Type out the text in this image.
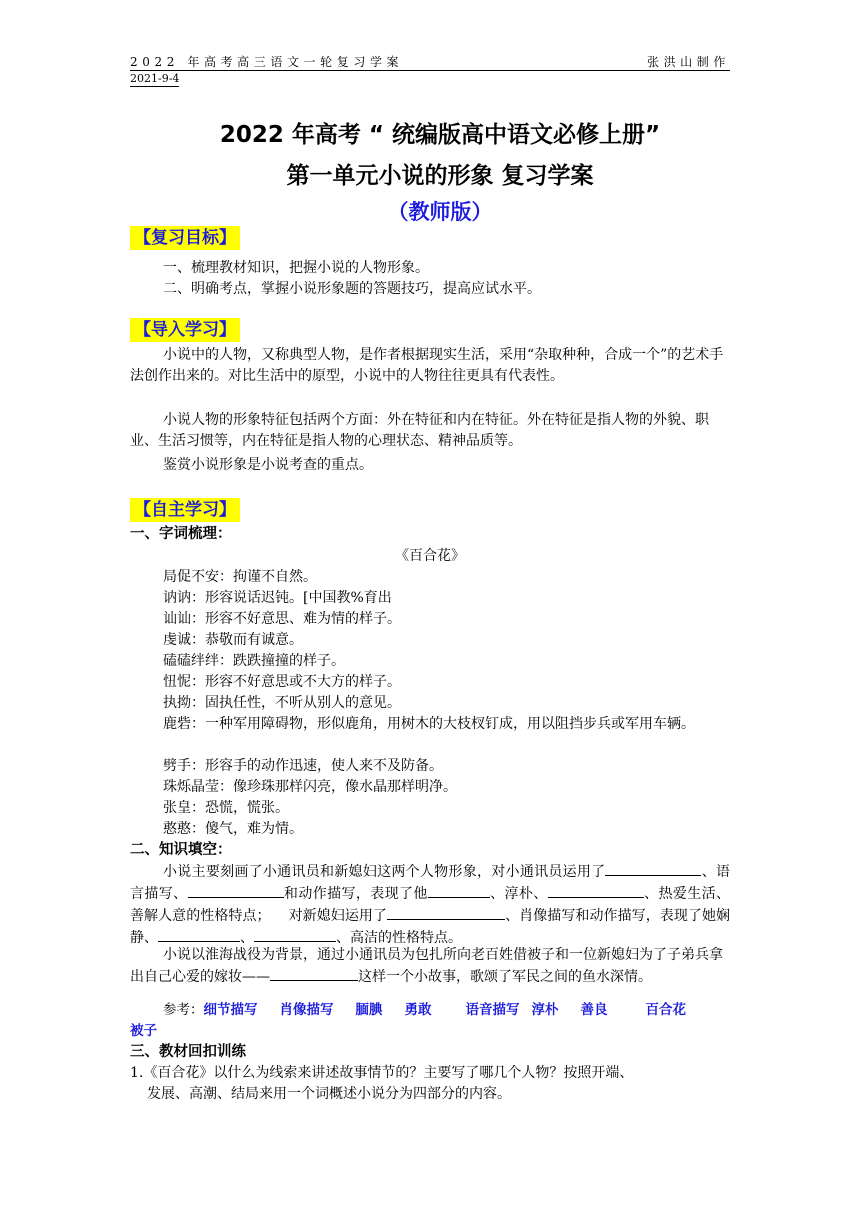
2022 年高考高三语文一轮复习学案	张洪山制作
2021-9-4
2022 年高考 “ 统编版高中语文必修上册”
第一单元小说的形象 复习学案
（教师版）
【复习目标】
一、梳理教材知识，把握小说的人物形象。
二、明确考点，掌握小说形象题的答题技巧，提高应试水平。
【导入学习】
小说中的人物，又称典型人物，是作者根据现实生活，采用“杂取种种，合成一个”的艺术手法创作出来的。对比生活中的原型，小说中的人物往往更具有代表性。
小说人物的形象特征包括两个方面：外在特征和内在特征。外在特征是指人物的外貌、职业、生活习惯等，内在特征是指人物的心理状态、精神品质等。
鉴赏小说形象是小说考查的重点。
【自主学习】
一、字词梳理：
《百合花》
局促不安：拘谨不自然。
讷讷：形容说话迟钝。[中国教%育出
讪讪：形容不好意思、难为情的样子。
虔诚：恭敬而有诚意。
磕磕绊绊：跌跌撞撞的样子。
忸怩：形容不好意思或不大方的样子。
执拗：固执任性，不听从别人的意见。
鹿砦：一种军用障碍物，形似鹿角，用树木的大枝杈钉成，用以阻挡步兵或军用车辆。
劈手：形容手的动作迅速，使人来不及防备。
珠烁晶莹：像珍珠那样闪亮，像水晶那样明净。
张皇：恐慌，慌张。
憨憨：傻气，难为情。
二、知识填空：
小说主要刻画了小通讯员和新媳妇这两个人物形象，对小通讯员运用了	、语言描写、	和动作描写，表现了他	、淳朴、	、热爱生活、善解人意的性格特点； 对新媳妇运用了	、肖像描写和动作描写，表现了她娴静、	、	、高洁的性格特点。
小说以淮海战役为背景，通过小通讯员为包扎所向老百姓借被子和一位新媳妇为了子弟兵拿出自己心爱的嫁妆——	这样一个小故事，歌颂了军民之间的鱼水深情。
参考：细节描写 肖像描写 腼腆 勇敢	语音描写 淳朴 善良	百合花
被子
三、教材回扣训练
1.《百合花》以什么为线索来讲述故事情节的？主要写了哪几个人物？按照开端、
发展、高潮、结局来用一个词概述小说分为四部分的内容。
